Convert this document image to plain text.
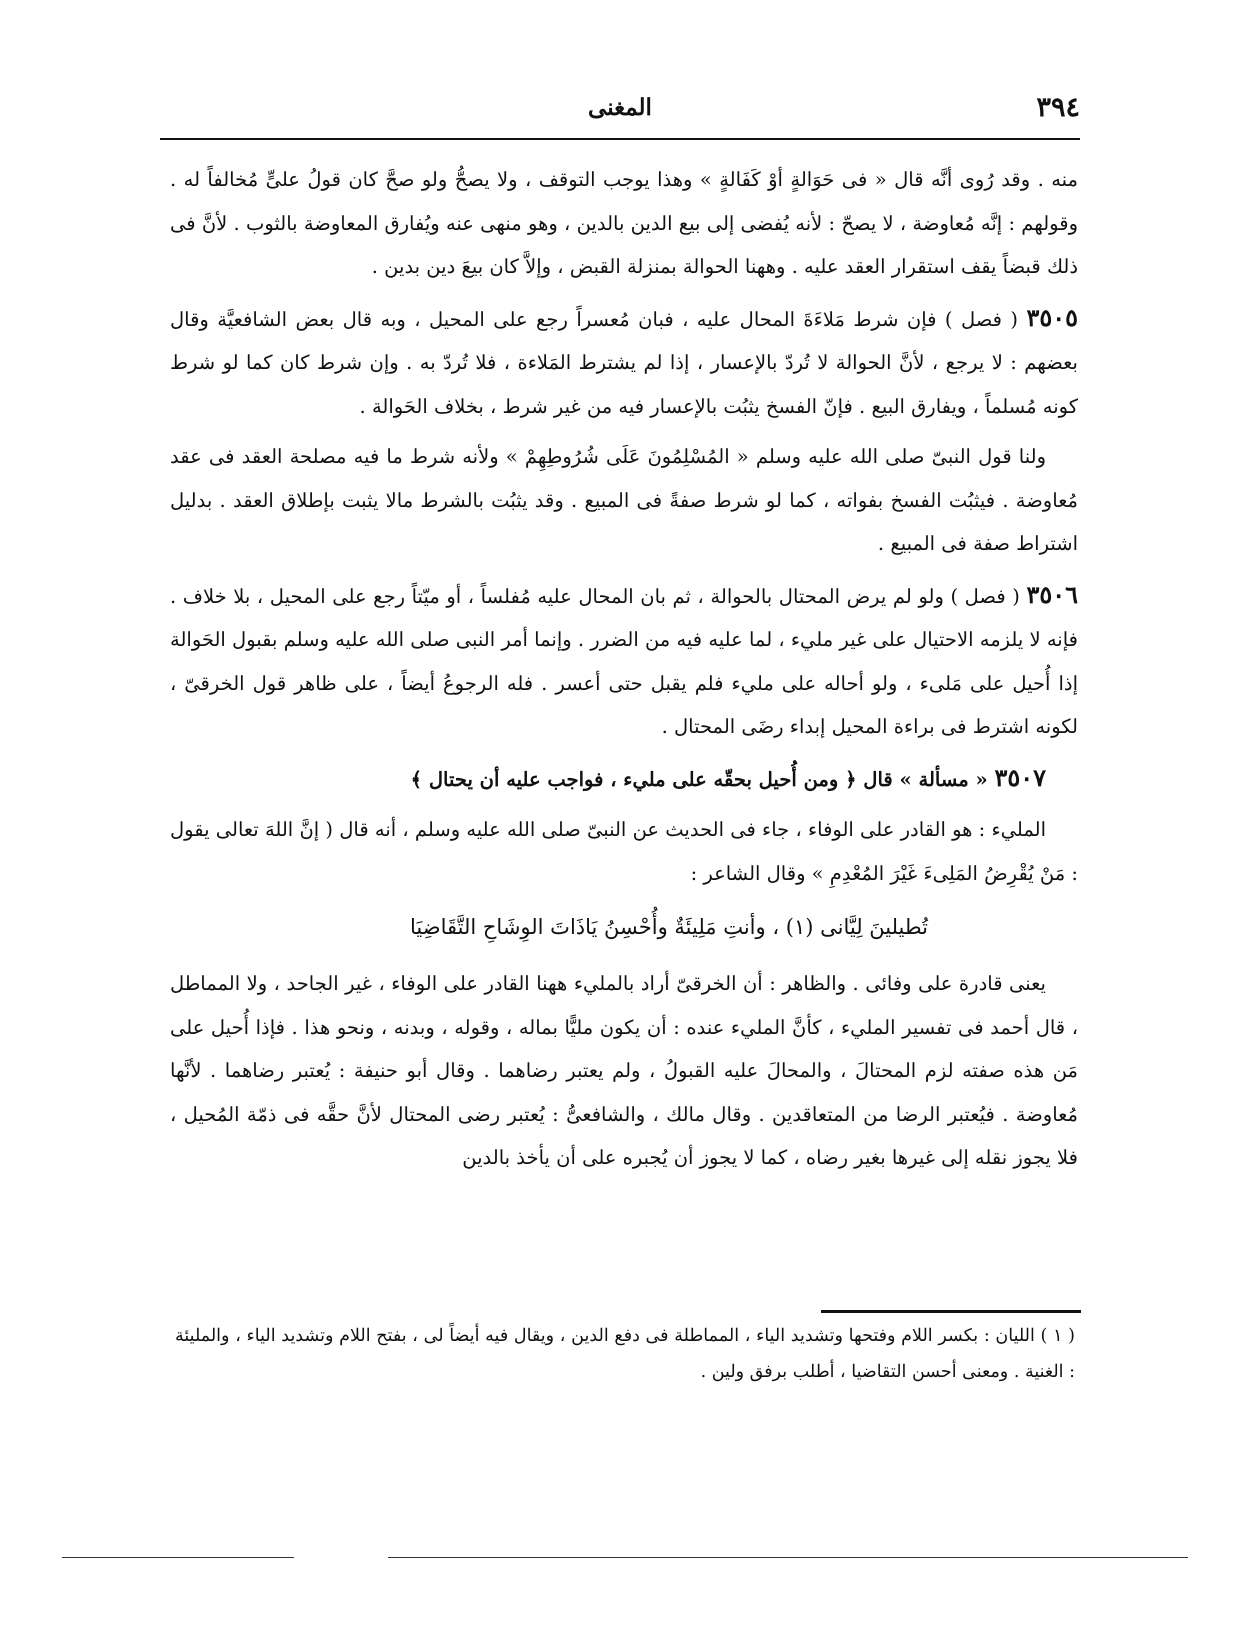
٣٩٤
المغنى

منه . وقد رُوى أنَّه قال « فى حَوَالةٍ أوْ كَفَالةٍ » وهذا يوجب التوقف ، ولا يصحُّ ولو صحَّ كان قولُ علىٍّ مُخالفاً له . وقولهم : إنَّه مُعاوضة ، لا يصحّ : لأنه يُفضى إلى بيع الدين بالدين ، وهو منهى عنه ويُفارق المعاوضة بالثوب . لأنَّ فى ذلك قبضاً يقف استقرار العقد عليه . وههنا الحوالة بمنزلة القبض ، وإلاَّ كان بيعَ دين بدين .

٣٥٠٥ ( فصل ) فإن شرط مَلاءَةَ المحال عليه ، فبان مُعسراً رجع على المحيل ، وبه قال بعض الشافعيَّة وقال بعضهم : لا يرجع ، لأنَّ الحوالة لا تُردّ بالإعسار ، إذا لم يشترط المَلاءة ، فلا تُردّ به . وإن شرط كان كما لو شرط كونه مُسلماً ، ويفارق البيع . فإنّ الفسخ يثبُت بالإعسار فيه من غير شرط ، بخلاف الحَوالة .

ولنا قول النبىّ صلى الله عليه وسلم « المُسْلِمُونَ عَلَى شُرُوطِهِمْ » ولأنه شرط ما فيه مصلحة العقد فى عقد مُعاوضة . فيثبُت الفسخ بفواته ، كما لو شرط صفةً فى المبيع . وقد يثبُت بالشرط مالا يثبت بإطلاق العقد . بدليل اشتراط صفة فى المبيع .

٣٥٠٦ ( فصل ) ولو لم يرض المحتال بالحوالة ، ثم بان المحال عليه مُفلساً ، أو ميّتاً رجع على المحيل ، بلا خلاف . فإنه لا يلزمه الاحتيال على غير مليء ، لما عليه فيه من الضرر . وإنما أمر النبى صلى الله عليه وسلم بقبول الحَوالة إذا أُحيل على مَلىء ، ولو أحاله على مليء فلم يقبل حتى أعسر . فله الرجوعُ أيضاً ، على ظاهر قول الخرقىّ ، لكونه اشترط فى براءة المحيل إبداء رضَى المحتال .

٣٥٠٧ « مسألة » قال ﴿ ومن أُحيل بحقّه على مليء ، فواجب عليه أن يحتال ﴾

المليء : هو القادر على الوفاء ، جاء فى الحديث عن النبىّ صلى الله عليه وسلم ، أنه قال ( إنَّ اللهَ تعالى يقول : مَنْ يُقْرِضُ المَلِىءَ غَيْرَ المُعْدِمِ » وقال الشاعر :

تُطيلينَ لِيَّانى (١) ، وأنتِ مَلِيئَةٌ وأُحْسِنُ يَاذَاتَ الوِشَاحِ التَّقَاضِيَا

يعنى قادرة على وفائى . والظاهر : أن الخرقىّ أراد بالمليء ههنا القادر على الوفاء ، غير الجاحد ، ولا المماطل ، قال أحمد فى تفسير المليء ، كأنَّ المليء عنده : أن يكون مليًّا بماله ، وقوله ، وبدنه ، ونحو هذا . فإذا أُحيل على مَن هذه صفته لزم المحتالَ ، والمحالَ عليه القبولُ ، ولم يعتبر رضاهما . وقال أبو حنيفة : يُعتبر رضاهما . لأنَّها مُعاوضة . فيُعتبر الرضا من المتعاقدين . وقال مالك ، والشافعىُّ : يُعتبر رضى المحتال لأنَّ حقَّه فى ذمّة المُحيل ، فلا يجوز نقله إلى غيرها بغير رضاه ، كما لا يجوز أن يُجبره على أن يأخذ بالدين

( ١ ) الليان : بكسر اللام وفتحها وتشديد الياء ، المماطلة فى دفع الدين ، ويقال فيه أيضاً لى ، بفتح اللام وتشديد الياء ، والمليئة : الغنية . ومعنى أحسن التقاضيا ، أطلب برفق ولين .
